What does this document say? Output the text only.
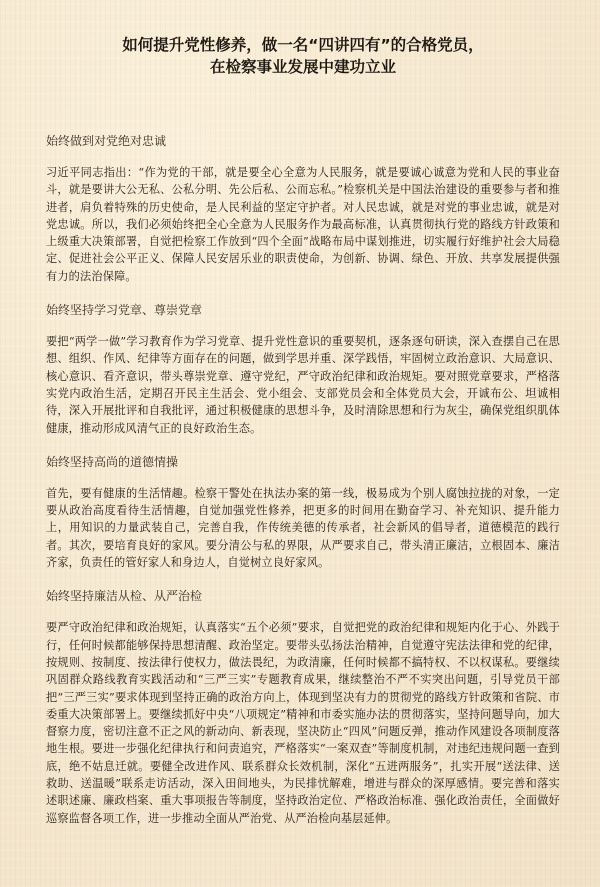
如何提升党性修养，做一名“四讲四有”的合格党员，
在检察事业发展中建功立业
始终做到对党绝对忠诚

习近平同志指出：“作为党的干部，就是要全心全意为人民服务，就是要诚心诚意为党和人民的事业奋斗，就是要讲大公无私、公私分明、先公后私、公而忘私。”检察机关是中国法治建设的重要参与者和推进者，肩负着特殊的历史使命，是人民利益的坚定守护者。对人民忠诚，就是对党的事业忠诚，就是对党忠诚。所以，我们必须始终把全心全意为人民服务作为最高标准，认真贯彻执行党的路线方针政策和上级重大决策部署，自觉把检察工作放到“四个全面”战略布局中谋划推进，切实履行好维护社会大局稳定、促进社会公平正义、保障人民安居乐业的职责使命，为创新、协调、绿色、开放、共享发展提供强有力的法治保障。

始终坚持学习党章、尊崇党章

要把“两学一做”学习教育作为学习党章、提升党性意识的重要契机，逐条逐句研读，深入查摆自己在思想、组织、作风、纪律等方面存在的问题，做到学思并重、深学践悟，牢固树立政治意识、大局意识、核心意识、看齐意识，带头尊崇党章、遵守党纪，严守政治纪律和政治规矩。要对照党章要求，严格落实党内政治生活，定期召开民主生活会、党小组会、支部党员会和全体党员大会，开诚布公、坦诚相待，深入开展批评和自我批评，通过积极健康的思想斗争，及时清除思想和行为灰尘，确保党组织肌体健康，推动形成风清气正的良好政治生态。

始终坚持高尚的道德情操

首先，要有健康的生活情趣。检察干警处在执法办案的第一线，极易成为个别人腐蚀拉拢的对象，一定要从政治高度看待生活情趣，自觉加强党性修养，把更多的时间用在勤奋学习、补充知识、提升能力上，用知识的力量武装自己，完善自我，作传统美德的传承者，社会新风的倡导者，道德模范的践行者。其次，要培育良好的家风。要分清公与私的界限，从严要求自己，带头清正廉洁，立根固本、廉洁齐家，负责任的管好家人和身边人，自觉树立良好家风。

始终坚持廉洁从检、从严治检

要严守政治纪律和政治规矩，认真落实“五个必须”要求，自觉把党的政治纪律和规矩内化于心、外践于行，任何时候都能够保持思想清醒、政治坚定。要带头弘扬法治精神，自觉遵守宪法法律和党的纪律，按规则、按制度、按法律行使权力，做法畏纪，为政清廉，任何时候都不搞特权、不以权谋私。要继续巩固群众路线教育实践活动和“三严三实”专题教育成果，继续整治不严不实突出问题，引导党员干部把“三严三实”要求体现到坚持正确的政治方向上，体现到坚决有力的贯彻党的路线方针政策和省院、市委重大决策部署上。要继续抓好中央“八项规定”精神和市委实施办法的贯彻落实，坚持问题导向，加大督察力度，密切注意不正之风的新动向、新表现，坚决防止“四风”问题反弹，推动作风建设各项制度落地生根。要进一步强化纪律执行和问责追究，严格落实“一案双查”等制度机制，对违纪违规问题一查到底，绝不姑息迁就。要健全改进作风、联系群众长效机制，深化“五进两服务”，扎实开展“送法律、送救助、送温暖”联系走访活动，深入田间地头，为民排忧解难，增进与群众的深厚感情。要完善和落实述职述廉、廉政档案、重大事项报告等制度，坚持政治定位、严格政治标准、强化政治责任，全面做好巡察监督各项工作，进一步推动全面从严治党、从严治检向基层延伸。
